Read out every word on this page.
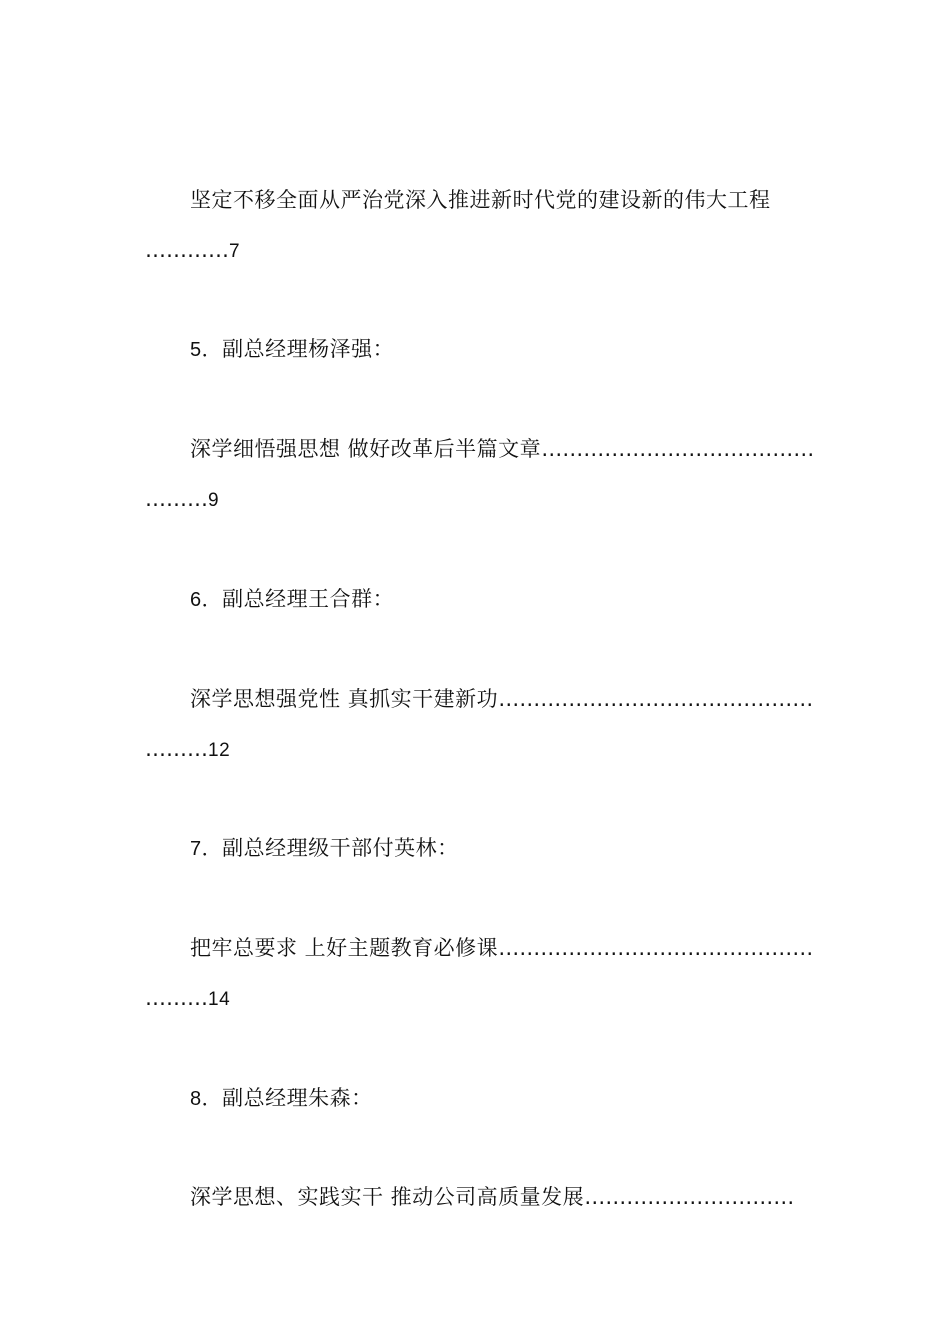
坚定不移全面从严治党深入推进新时代党的建设新的伟大工程
…………7
5．副总经理杨泽强：
深学细悟强思想 做好改革后半篇文章…………………………………
………9
6．副总经理王合群：
深学思想强党性 真抓实干建新功………………………………………
………12
7．副总经理级干部付英林：
把牢总要求 上好主题教育必修课………………………………………
………14
8．副总经理朱森：
深学思想、实践实干 推动公司高质量发展…………………………
